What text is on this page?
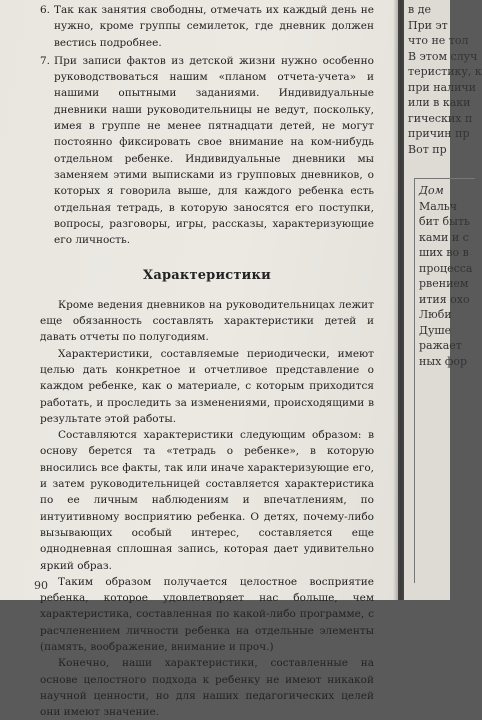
6. Так как занятия свободны, отмечать их каждый день не нужно, кроме группы семилеток, где дневник должен вестись подробнее.
7. При записи фактов из детской жизни нужно особенно руководствоваться нашим «планом отчета-учета» и нашими опытными заданиями. Индивидуальные дневники наши руководительницы не ведут, поскольку, имея в группе не менее пятнадцати детей, не могут постоянно фиксировать свое внимание на ком-нибудь отдельном ребенке. Индивидуальные дневники мы заменяем этими выписками из групповых дневников, о которых я говорила выше, для каждого ребенка есть отдельная тетрадь, в которую заносятся его поступки, вопросы, разговоры, игры, рассказы, характеризующие его личность.
Характеристики

Кроме ведения дневников на руководительницах лежит еще обязанность составлять характеристики детей и давать отчеты по полугодиям.

Характеристики, составляемые периодически, имеют целью дать конкретное и отчетливое представление о каждом ребенке, как о материале, с которым приходится работать, и проследить за изменениями, происходящими в результате этой работы.

Составляются характеристики следующим образом: в основу берется та «тетрадь о ребенке», в которую вносились все факты, так или иначе характеризующие его, и затем руководительницей составляется характеристика по ее личным наблюдениям и впечатлениям, по интуитивному восприятию ребенка. О детях, почему-либо вызывающих особый интерес, составляется еще однодневная сплошная запись, которая дает удивительно яркий образ.

Таким образом получается целостное восприятие ребенка, которое удовлетворяет нас больше, чем характеристика, составленная по какой-либо программе, с расчленением личности ребенка на отдельные элементы (память, воображение, внимание и проч.)

Конечно, наши характеристики, составленные на основе целостного подхода к ребенку не имеют никакой научной ценности, но для наших педагогических целей они имеют значение.

90
в де
При эт
что не тол
В этом случ
теристику, к
при наличи
или в каки
гических п
причин пр
Вот пр
Дом
Мальч
бит быть
ками и с
ших во в
процесса
рвением
ития охо
Люби
Душе
ражает
ных фор
